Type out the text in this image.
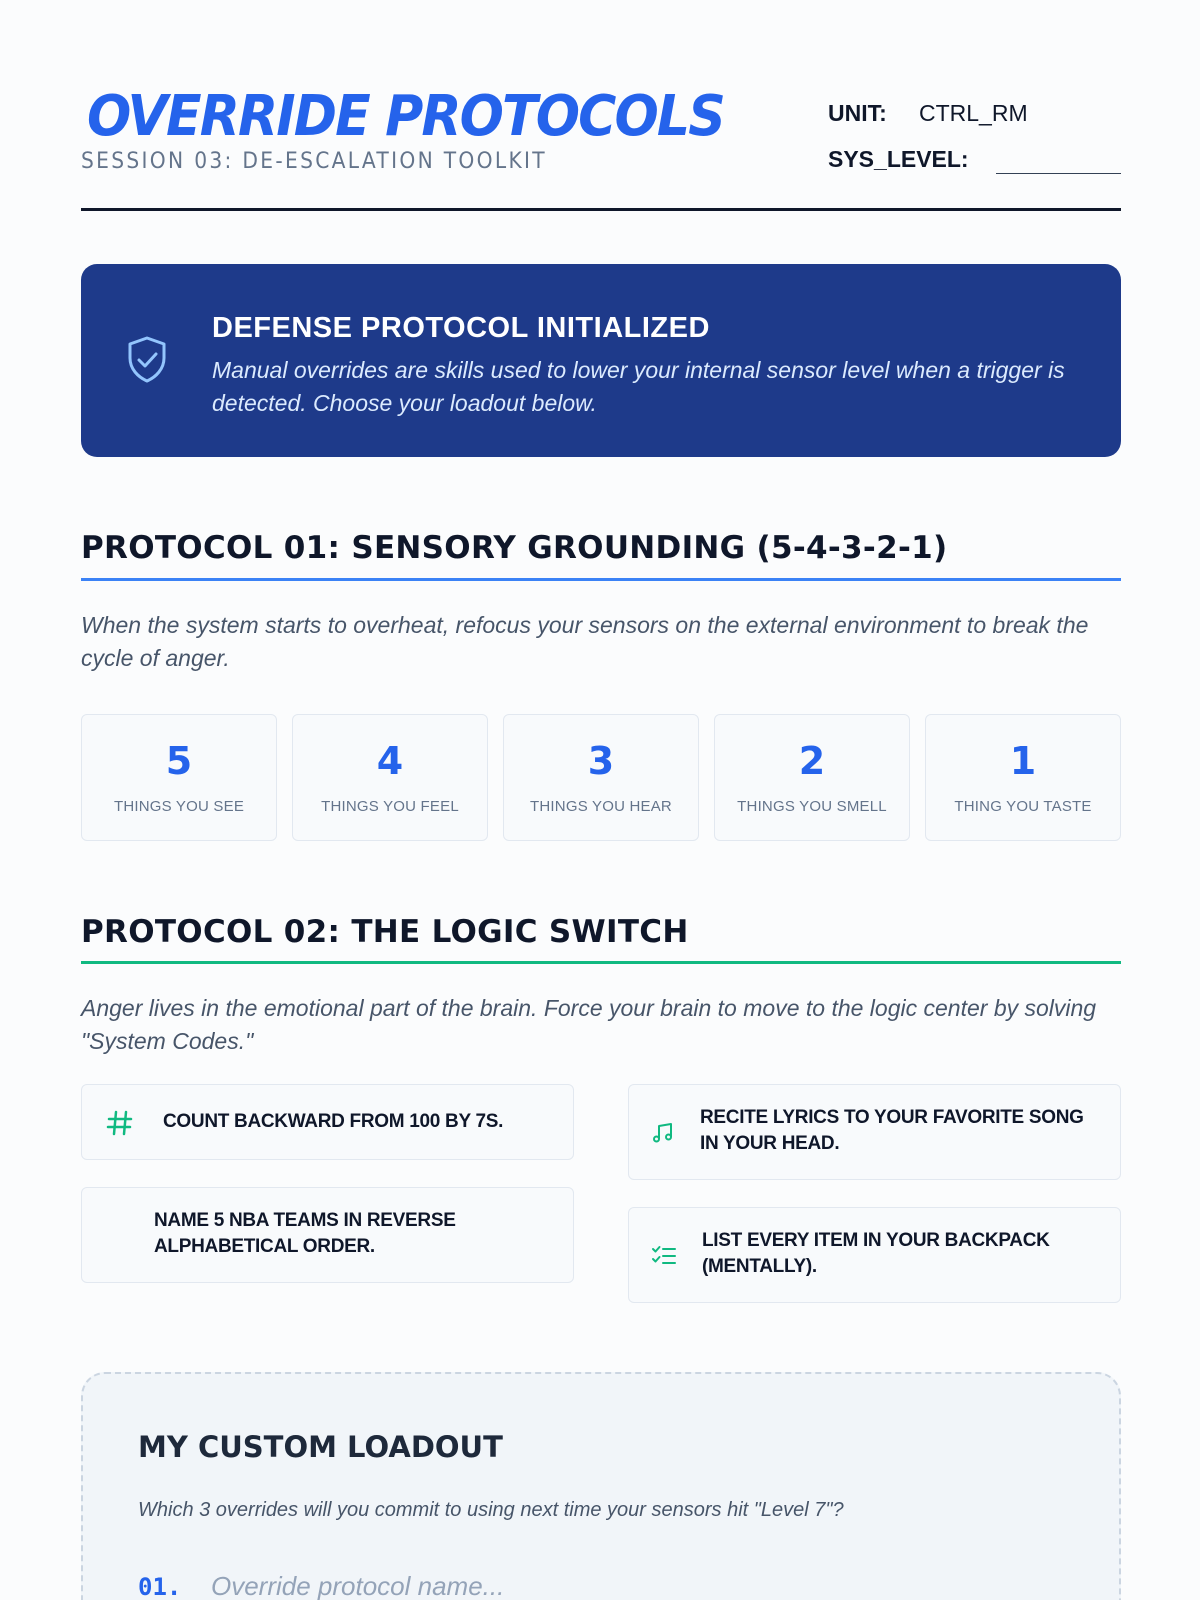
OVERRIDE PROTOCOLS
SESSION 03: DE-ESCALATION TOOLKIT
UNIT: CTRL_RM
SYS_LEVEL:
DEFENSE PROTOCOL INITIALIZED
Manual overrides are skills used to lower your internal sensor level when a trigger is detected. Choose your loadout below.
PROTOCOL 01: SENSORY GROUNDING (5-4-3-2-1)
When the system starts to overheat, refocus your sensors on the external environment to break the cycle of anger.
5
THINGS YOU SEE
4
THINGS YOU FEEL
3
THINGS YOU HEAR
2
THINGS YOU SMELL
1
THING YOU TASTE
PROTOCOL 02: THE LOGIC SWITCH
Anger lives in the emotional part of the brain. Force your brain to move to the logic center by solving "System Codes."
COUNT BACKWARD FROM 100 BY 7S.	RECITE LYRICS TO YOUR FAVORITE SONG IN YOUR HEAD.
NAME 5 NBA TEAMS IN REVERSE ALPHABETICAL ORDER.	LIST EVERY ITEM IN YOUR BACKPACK (MENTALLY).
MY CUSTOM LOADOUT
Which 3 overrides will you commit to using next time your sensors hit "Level 7"?
01.
Override protocol name...
